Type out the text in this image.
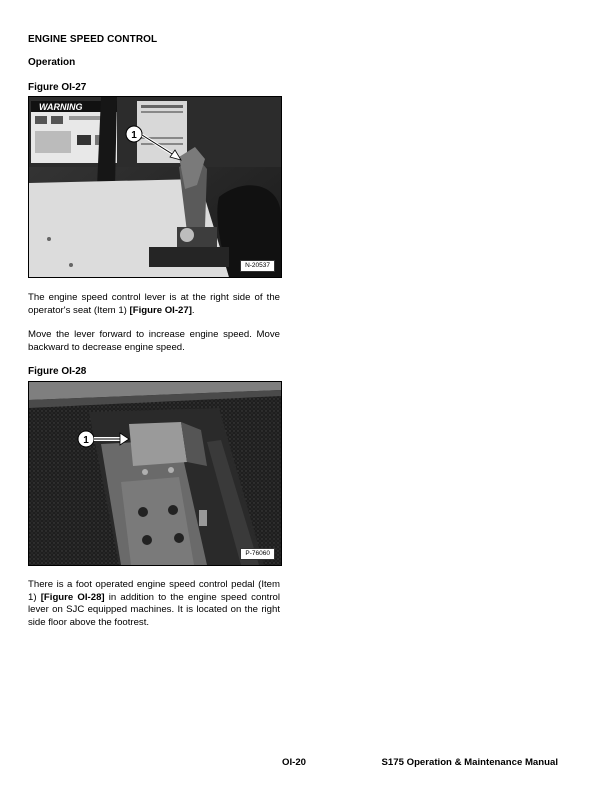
ENGINE SPEED CONTROL
Operation
Figure OI-27
WARNING
1
N-20537
The engine speed control lever is at the right side of the operator's seat (Item 1) [Figure OI-27].
Move the lever forward to increase engine speed. Move backward to decrease engine speed.
Figure OI-28
1
P-76060
There is a foot operated engine speed control pedal (Item 1) [Figure OI-28] in addition to the engine speed control lever on SJC equipped machines. It is located on the right side floor above the footrest.
OI-20	S175 Operation & Maintenance Manual
